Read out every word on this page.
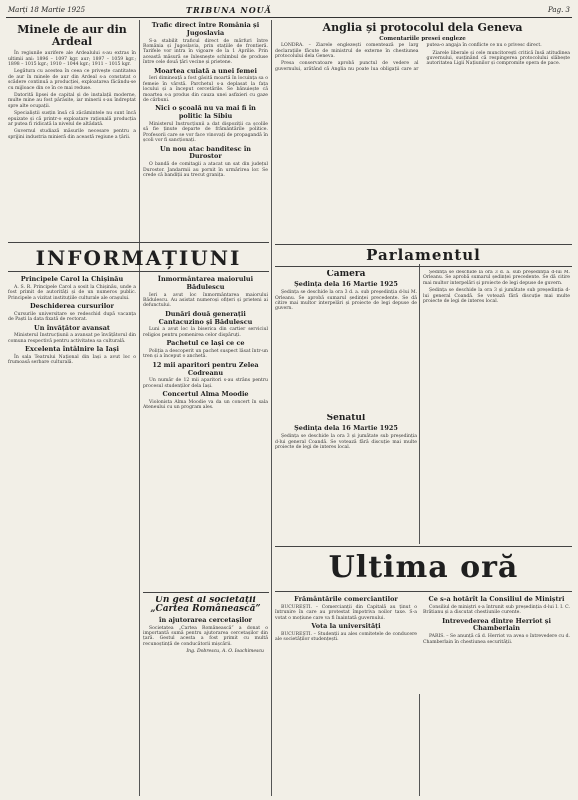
Marți 18 Martie 1925	TRIBUNA NOUĂ	Pag. 3
Minele de aur din Ardeal

În regiunile aurifere ale Ardealului s-au extras în ultimii ani: 1896 – 1097 kgr. aur; 1897 – 1059 kgr.; 1898 – 1015 kgr.; 1910 – 1044 kgr.; 1911 – 1015 kgr.

Legătura cu acestea în ceea ce privește cantitatea de aur în minele de aur din Ardeal s-a constatat o scădere continuă a producției, exploatarea făcându-se cu mijloace din ce în ce mai reduse.

Datorită lipsei de capital și de instalații moderne, multe mine au fost părăsite, iar minerii s-au îndreptat spre alte ocupații.

Specialiștii susțin însă că zăcămintele nu sunt încă epuizate și că printr-o exploatare rațională producția ar putea fi ridicată la nivelul de altădată.

Guvernul studiază măsurile necesare pentru a sprijini industria minieră din această regiune a țării.

Trafic direct între România și Jugoslavia

S-a stabilit traficul direct de mărfuri între România și Jugoslavia, prin stațiile de frontieră. Tarifele vor intra în vigoare de la 1 Aprilie. Prin această măsură se înlesnește schimbul de produse între cele două țări vecine și prietene.

Moartea cuiată a unei femei

Ieri dimineață a fost găsită moartă în locuința sa o femeie în vârstă. Parchetul s-a deplasat la fața locului și a început cercetările. Se bănuiește că moartea s-a produs din cauza unei asfixieri cu gaze de cărbuni.

Nici o școală nu va mai fi în politic la Sibiu

Ministerul Instrucțiunii a dat dispoziții ca școlile să fie ținute departe de frământările politice. Profesorii care se vor face vinovați de propagandă în școli vor fi sancționați.

Un nou atac banditesc în Durostor

O bandă de comitagii a atacat un sat din județul Durostor. Jandarmii au pornit în urmărirea lor. Se crede că bandiții au trecut granița.

Anglia și protocolul dela Geneva
Comentariile presei engleze

LONDRA. – Ziarele englezești comentează pe larg declarațiile făcute de ministrul de externe în chestiunea protocolului dela Geneva.

Presa conservatoare aprobă punctul de vedere al guvernului, arătând că Anglia nu poate lua obligații care ar putea-o angaja în conflicte ce nu o privesc direct.

Ziarele liberale și cele muncitorești critică însă atitudinea guvernului, susținând că respingerea protocolului slăbește autoritatea Ligii Națiunilor și compromite opera de pace.

Parlamentul
Camera
Ședința dela 16 Martie 1925

Ședința se deschide la ora 3 d. a. sub președinția d-lui M. Orleanu. Se aprobă sumarul ședinței precedente. Se dă citire mai multor interpelări și proiecte de legi depuse de guvern.

Senatul
Ședința dela 16 Martie 1925

Ședința se deschide la ora 3 și jumătate sub președinția d-lui general Coandă. Se votează fără discuție mai multe proiecte de legi de interes local.

Ședința se deschide la ora 3 d. a. sub președinția d-lui M. Orleanu. Se aprobă sumarul ședinței precedente. Se dă citire mai multor interpelări și proiecte de legi depuse de guvern.

Ședința se deschide la ora 3 și jumătate sub președinția d-lui general Coandă. Se votează fără discuție mai multe proiecte de legi de interes local.

INFORMAȚIUNI
Principele Carol la Chișinău

A. S. R. Principele Carol a sosit la Chișinău, unde a fost primit de autorități și de un numeros public. Principele a vizitat instituțiile culturale ale orașului.

Deschiderea cursurilor

Cursurile universitare se redeschid după vacanța de Paști la data fixată de rectorat.

Un învățător avansat

Ministerul Instrucțiunii a avansat pe învățătorul din comuna respectivă pentru activitatea sa culturală.

Excelenta întâlnire la Iași

În sala Teatrului Național din Iași a avut loc o frumoasă serbare culturală.

Înmormântarea maiorului Bădulescu

Ieri a avut loc înmormântarea maiorului Bădulescu. Au asistat numeroși ofițeri și prieteni ai defunctului.

Dunări două generații Cantacuzino și Bădulescu

Luni a avut loc la biserica din cartier serviciul religios pentru pomenirea celor dispăruți.

Pachetul ce lași ce ce

Poliția a descoperit un pachet suspect lăsat într-un tren și a început o anchetă.

12 mii aparitori pentru Zelea Codreanu

Un număr de 12 mii aparitori s-au strâns pentru procesul studenților dela Iași.

Concertul Alma Moodie

Violonista Alma Moodie va da un concert în sala Ateneului cu un program ales.

Un gest al societății „Cartea Românească”
în ajutorarea cercetașilor

Societatea „Cartea Românească” a donat o importantă sumă pentru ajutorarea cercetașilor din țară. Gestul acesta a fost primit cu multă recunoștință de conducătorii mișcării.

Ing. Dobrescu, A. O. Ioachimescu
Ultima oră
Frământările comerciantilor

BUCUREȘTI. – Comercianții din Capitală au ținut o întrunire în care au protestat împotriva noilor taxe. S-a votat o moțiune care va fi înaintată guvernului.

Vota la universități

BUCUREȘTI. – Studenții au ales comitetele de conducere ale societăților studențești.

Ce s-a hotărît la Consiliul de Miniștri

Consiliul de miniștri s-a întrunit sub președinția d-lui I. I. C. Brătianu și a discutat chestiunile curente.

Intrevederea dintre Herriot și Chamberlain

PARIS. – Se anunță că d. Herriot va avea o întrevedere cu d. Chamberlain în chestiunea securității.
